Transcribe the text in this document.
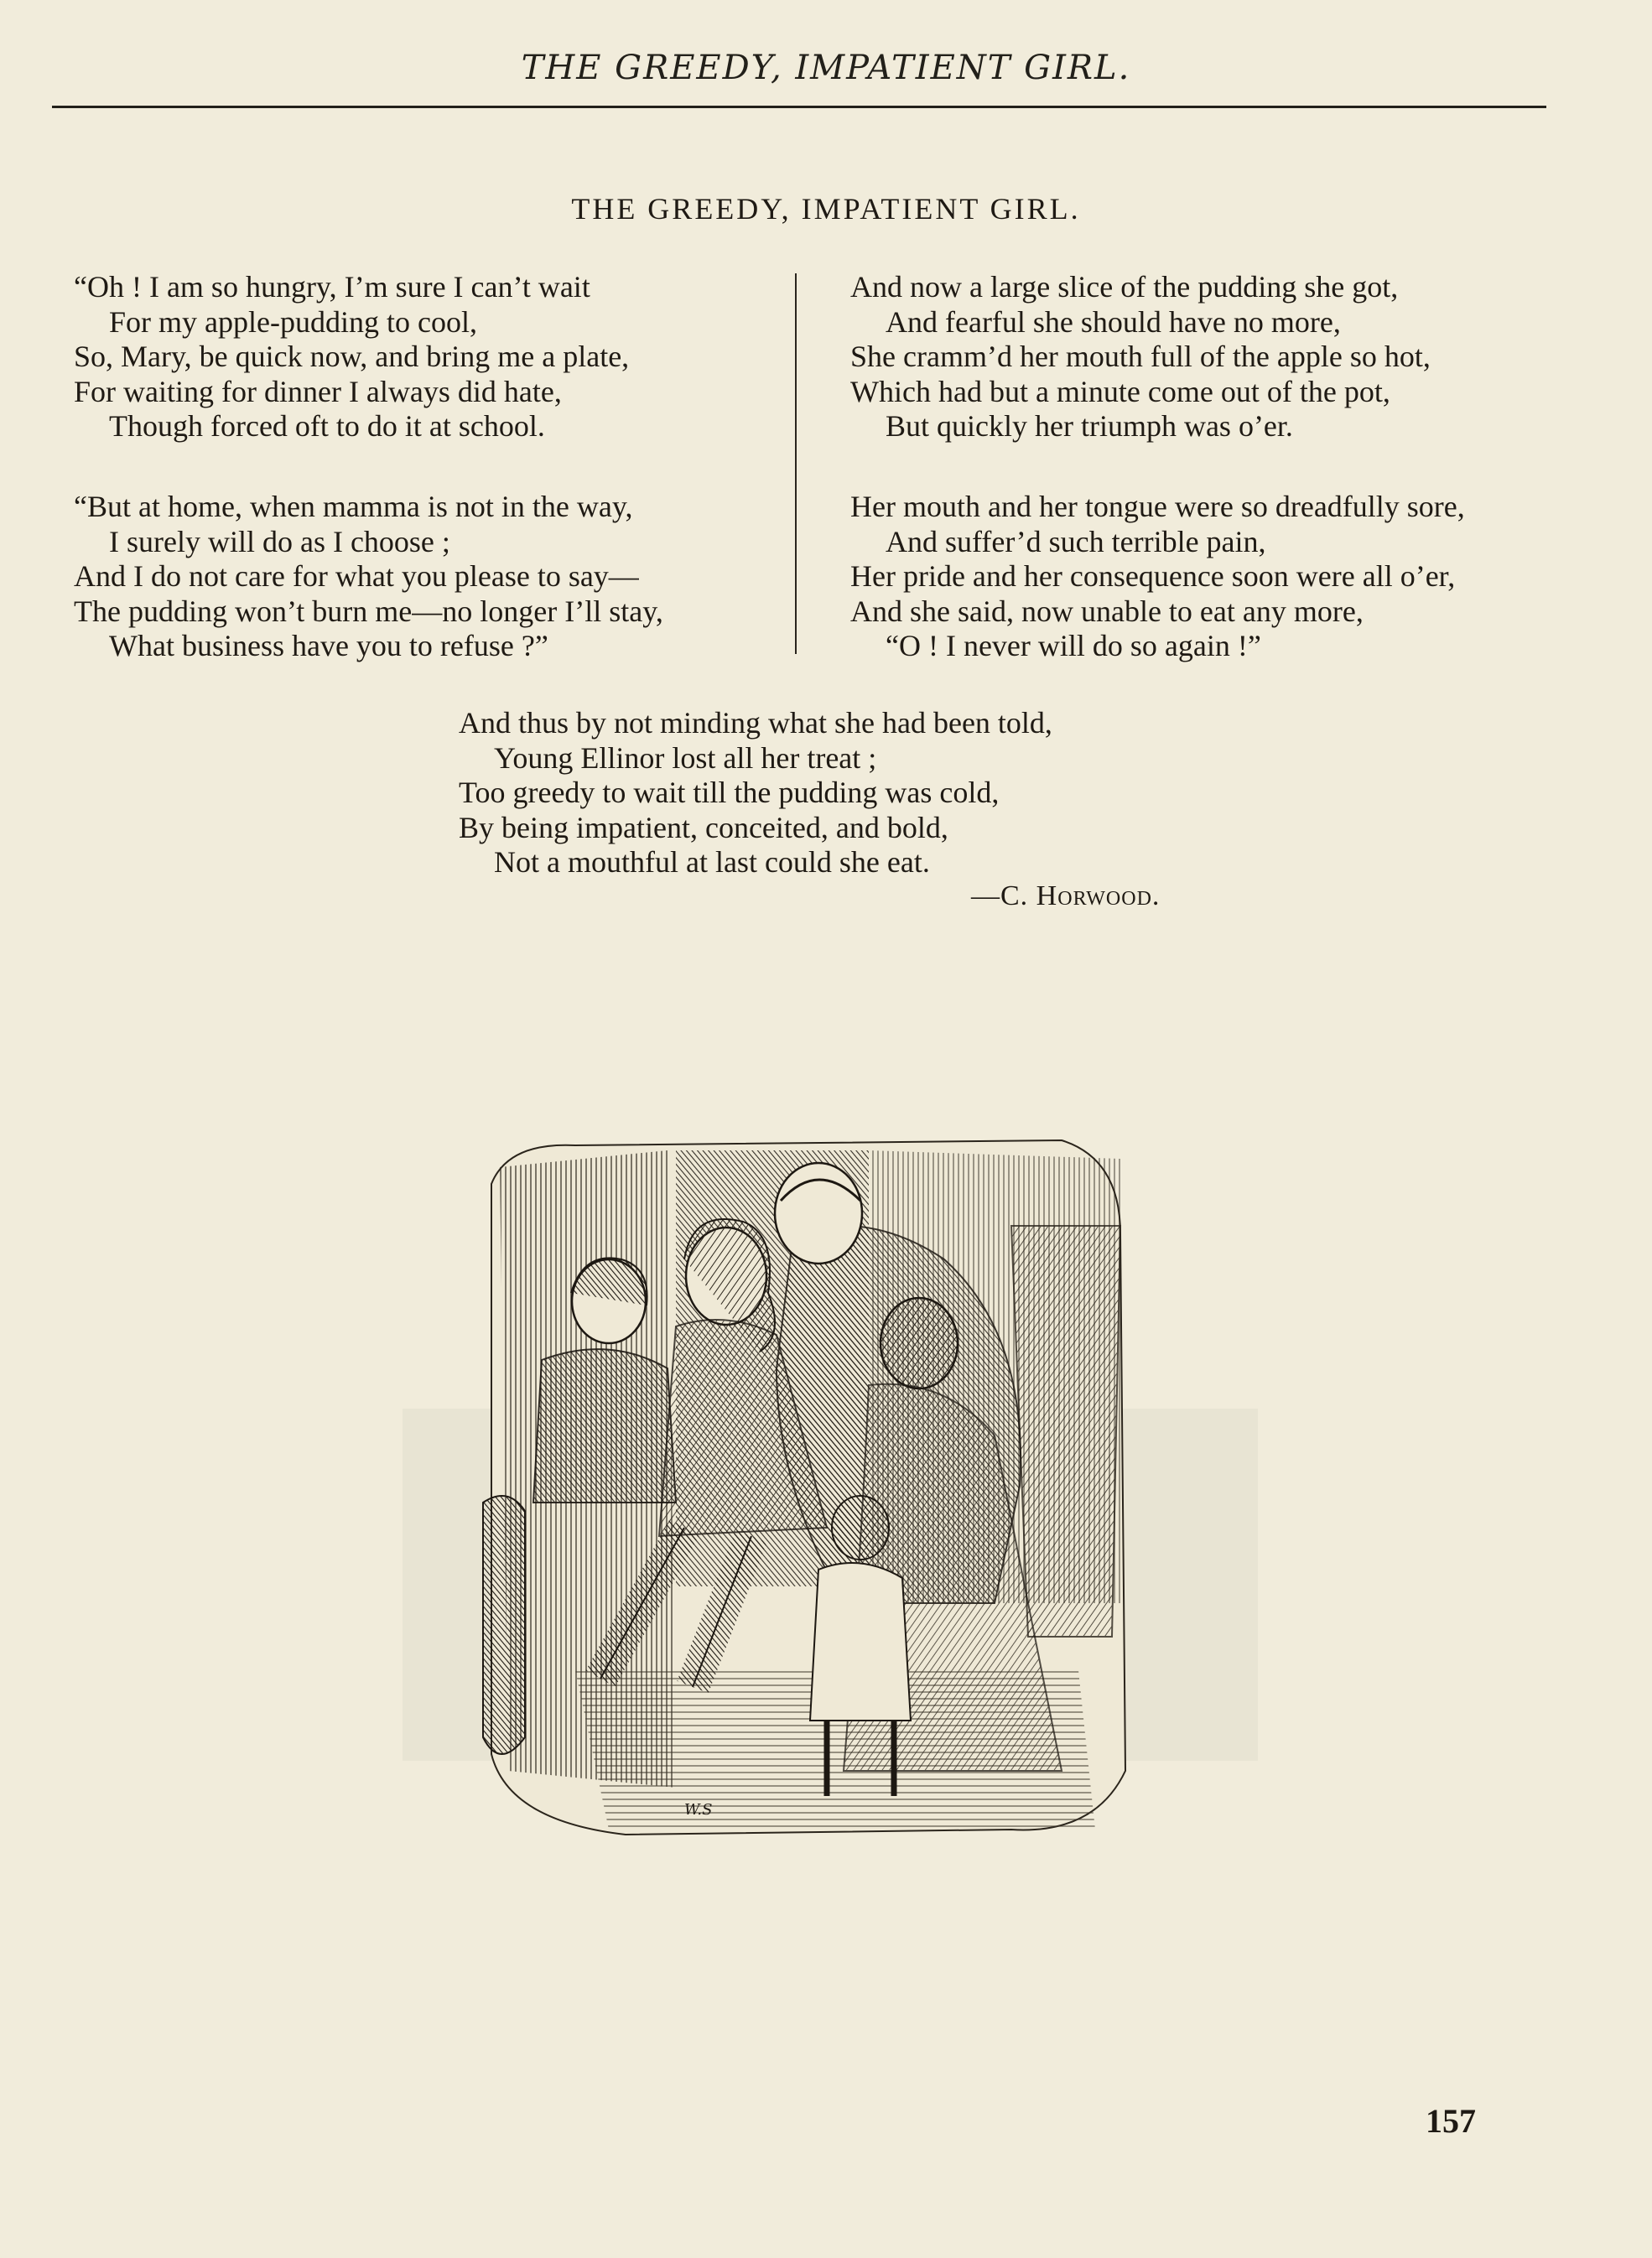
THE GREEDY, IMPATIENT GIRL.
THE GREEDY, IMPATIENT GIRL.
“Oh ! I am so hungry, I’m sure I can’t wait
For my apple-pudding to cool,
So, Mary, be quick now, and bring me a plate,
For waiting for dinner I always did hate,
Though forced oft to do it at school.
“But at home, when mamma is not in the way,
I surely will do as I choose ;
And I do not care for what you please to say—
The pudding won’t burn me—no longer I’ll stay,
What business have you to refuse ?”
And now a large slice of the pudding she got,
And fearful she should have no more,
She cramm’d her mouth full of the apple so hot,
Which had but a minute come out of the pot,
But quickly her triumph was o’er.
Her mouth and her tongue were so dreadfully sore,
And suffer’d such terrible pain,
Her pride and her consequence soon were all o’er,
And she said, now unable to eat any more,
“O ! I never will do so again !”
And thus by not minding what she had been told,
Young Ellinor lost all her treat ;
Too greedy to wait till the pudding was cold,
By being impatient, conceited, and bold,
Not a mouthful at last could she eat.
—C. Horwood.
W.S
157
